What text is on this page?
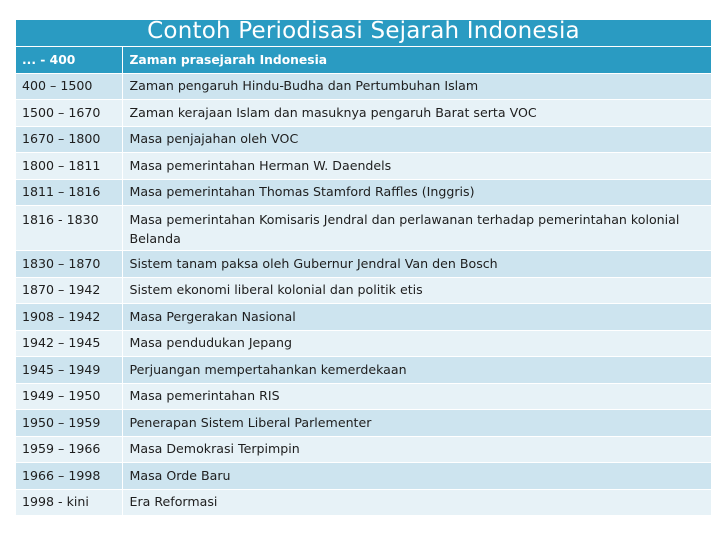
Contoh Periodisasi Sejarah Indonesia
... - 400	Zaman prasejarah Indonesia
400 – 1500	Zaman pengaruh Hindu-Budha dan Pertumbuhan Islam
1500 – 1670	Zaman kerajaan Islam dan masuknya pengaruh Barat serta VOC
1670 – 1800	Masa penjajahan oleh VOC
1800 – 1811	Masa pemerintahan Herman W. Daendels
1811 – 1816	Masa pemerintahan Thomas Stamford Raffles (Inggris)
1816 - 1830	Masa pemerintahan Komisaris Jendral dan perlawanan terhadap pemerintahan kolonial Belanda
1830 – 1870	Sistem tanam paksa oleh Gubernur Jendral Van den Bosch
1870 – 1942	Sistem ekonomi liberal kolonial dan politik etis
1908 – 1942	Masa Pergerakan Nasional
1942 – 1945	Masa pendudukan Jepang
1945 – 1949	Perjuangan mempertahankan kemerdekaan
1949 – 1950	Masa pemerintahan RIS
1950 – 1959	Penerapan Sistem Liberal Parlementer
1959 – 1966	Masa Demokrasi Terpimpin
1966 – 1998	Masa Orde Baru
1998 - kini	Era Reformasi
